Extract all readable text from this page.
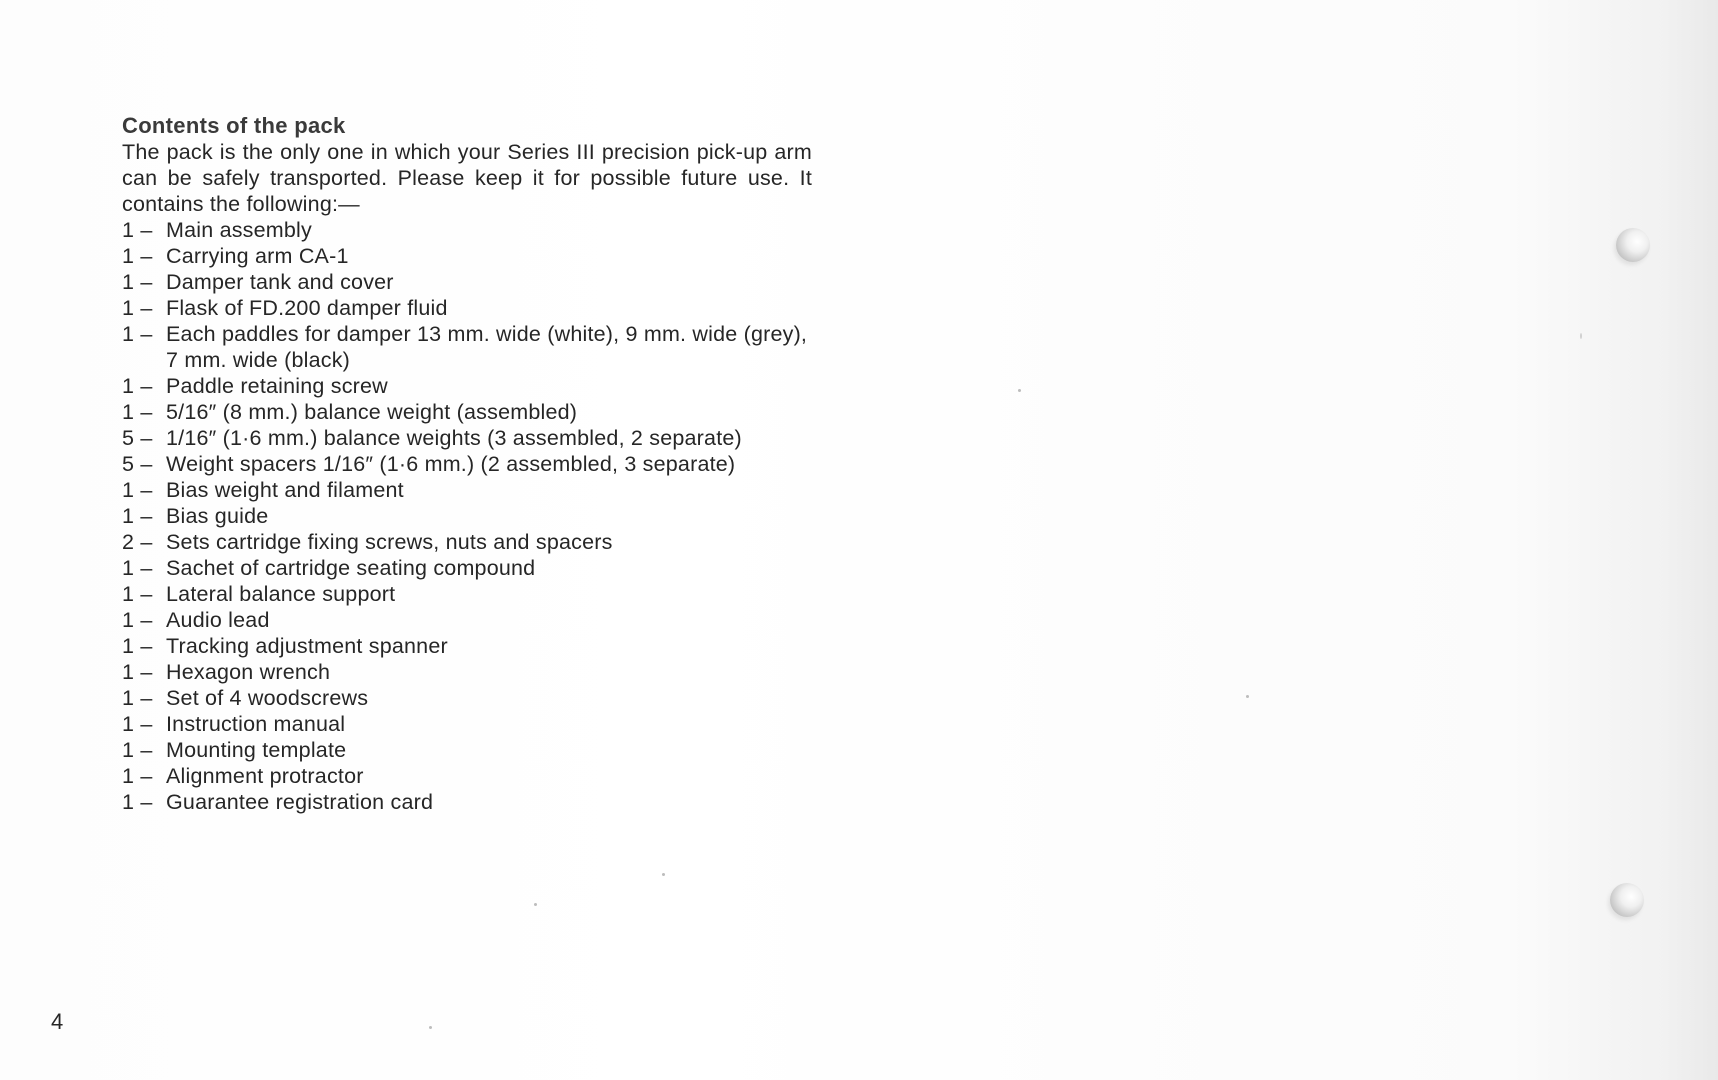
Contents of the pack
The pack is the only one in which your Series III precision pick-up arm can be safely transported. Please keep it for possible future use. It contains the following:—
1 – Main assembly
1 – Carrying arm CA-1
1 – Damper tank and cover
1 – Flask of FD.200 damper fluid
1 – Each paddles for damper 13 mm. wide (white), 9 mm. wide (grey), 7 mm. wide (black)
1 – Paddle retaining screw
1 – 5/16″ (8 mm.) balance weight (assembled)
5 – 1/16″ (1·6 mm.) balance weights (3 assembled, 2 separate)
5 – Weight spacers 1/16″ (1·6 mm.) (2 assembled, 3 separate)
1 – Bias weight and filament
1 – Bias guide
2 – Sets cartridge fixing screws, nuts and spacers
1 – Sachet of cartridge seating compound
1 – Lateral balance support
1 – Audio lead
1 – Tracking adjustment spanner
1 – Hexagon wrench
1 – Set of 4 woodscrews
1 – Instruction manual
1 – Mounting template
1 – Alignment protractor
1 – Guarantee registration card
4
